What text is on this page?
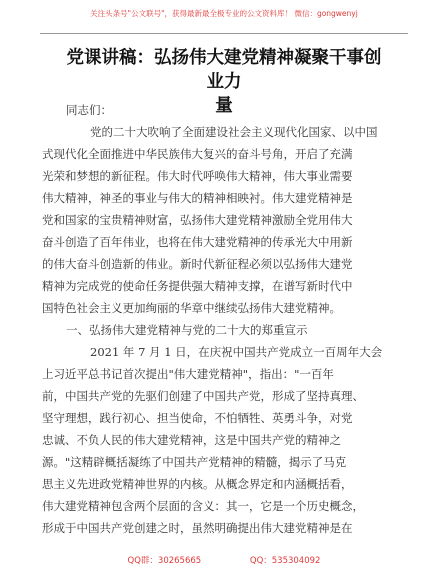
关注头条号"公文联号"，获得最新最全极专业的公文资料库！ 微信：gongwenyj
党课讲稿：弘扬伟大建党精神凝聚干事创业力
量
同志们：
党的二十大吹响了全面建设社会主义现代化国家、以中国
式现代化全面推进中华民族伟大复兴的奋斗号角，开启了充满
光荣和梦想的新征程。伟大时代呼唤伟大精神，伟大事业需要
伟大精神，神圣的事业与伟大的精神相映衬。伟大建党精神是
党和国家的宝贵精神财富，弘扬伟大建党精神激励全党用伟大
奋斗创造了百年伟业，也将在伟大建党精神的传承光大中用新
的伟大奋斗创造新的伟业。新时代新征程必须以弘扬伟大建党
精神为完成党的使命任务提供强大精神支撑，在谱写新时代中
国特色社会主义更加绚丽的华章中继续弘扬伟大建党精神。
一、弘扬伟大建党精神与党的二十大的郑重宣示
2021 年 7 月 1 日，在庆祝中国共产党成立一百周年大会
上习近平总书记首次提出"伟大建党精神"，指出："一百年
前，中国共产党的先驱们创建了中国共产党，形成了坚持真理、
坚守理想，践行初心、担当使命，不怕牺牲、英勇斗争，对党
忠诚、不负人民的伟大建党精神，这是中国共产党的精神之
源。"这精辟概括凝练了中国共产党精神的精髓，揭示了马克
思主义先进政党精神世界的内核。从概念界定和内涵概括看，
伟大建党精神包含两个层面的含义：其一，它是一个历史概念，
形成于中国共产党创建之时，虽然明确提出伟大建党精神是在
QQ群：30265665	QQ：535304092
